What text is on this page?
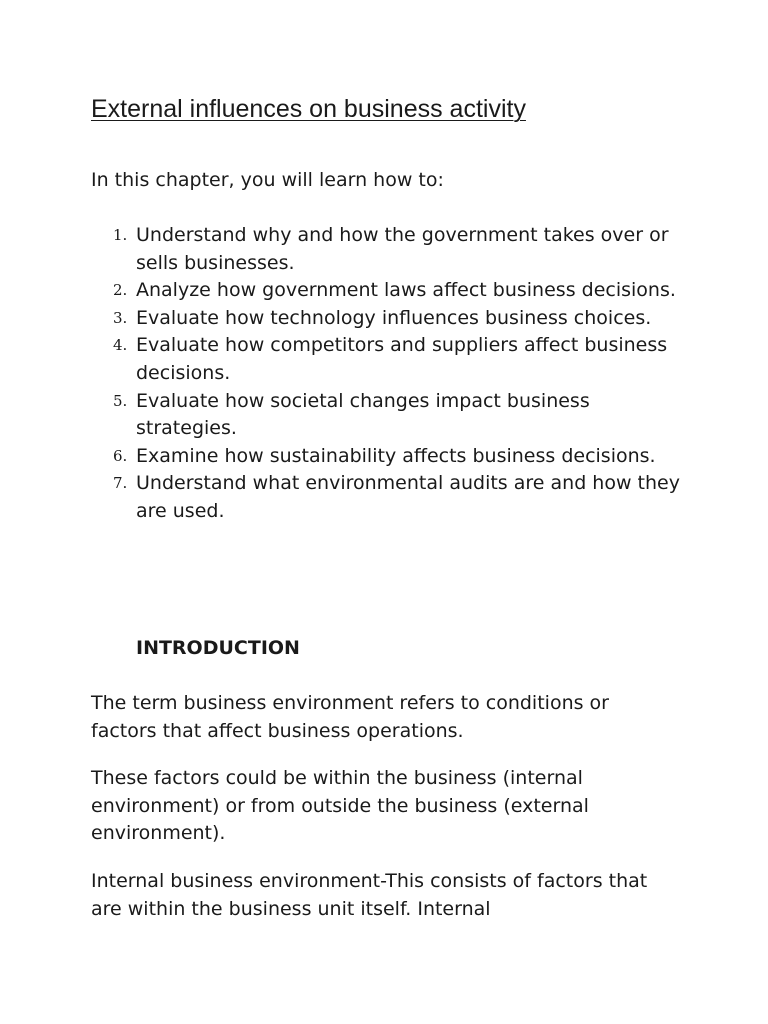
External influences on business activity

In this chapter, you will learn how to:

1. Understand why and how the government takes over or sells businesses.
2. Analyze how government laws affect business decisions.
3. Evaluate how technology influences business choices.
4. Evaluate how competitors and suppliers affect business decisions.
5. Evaluate how societal changes impact business strategies.
6. Examine how sustainability affects business decisions.
7. Understand what environmental audits are and how they are used.
INTRODUCTION

The term business environment refers to conditions or factors that affect business operations.

These factors could be within the business (internal environment) or from outside the business (external environment).

Internal business environment-This consists of factors that are within the business unit itself. Internal
